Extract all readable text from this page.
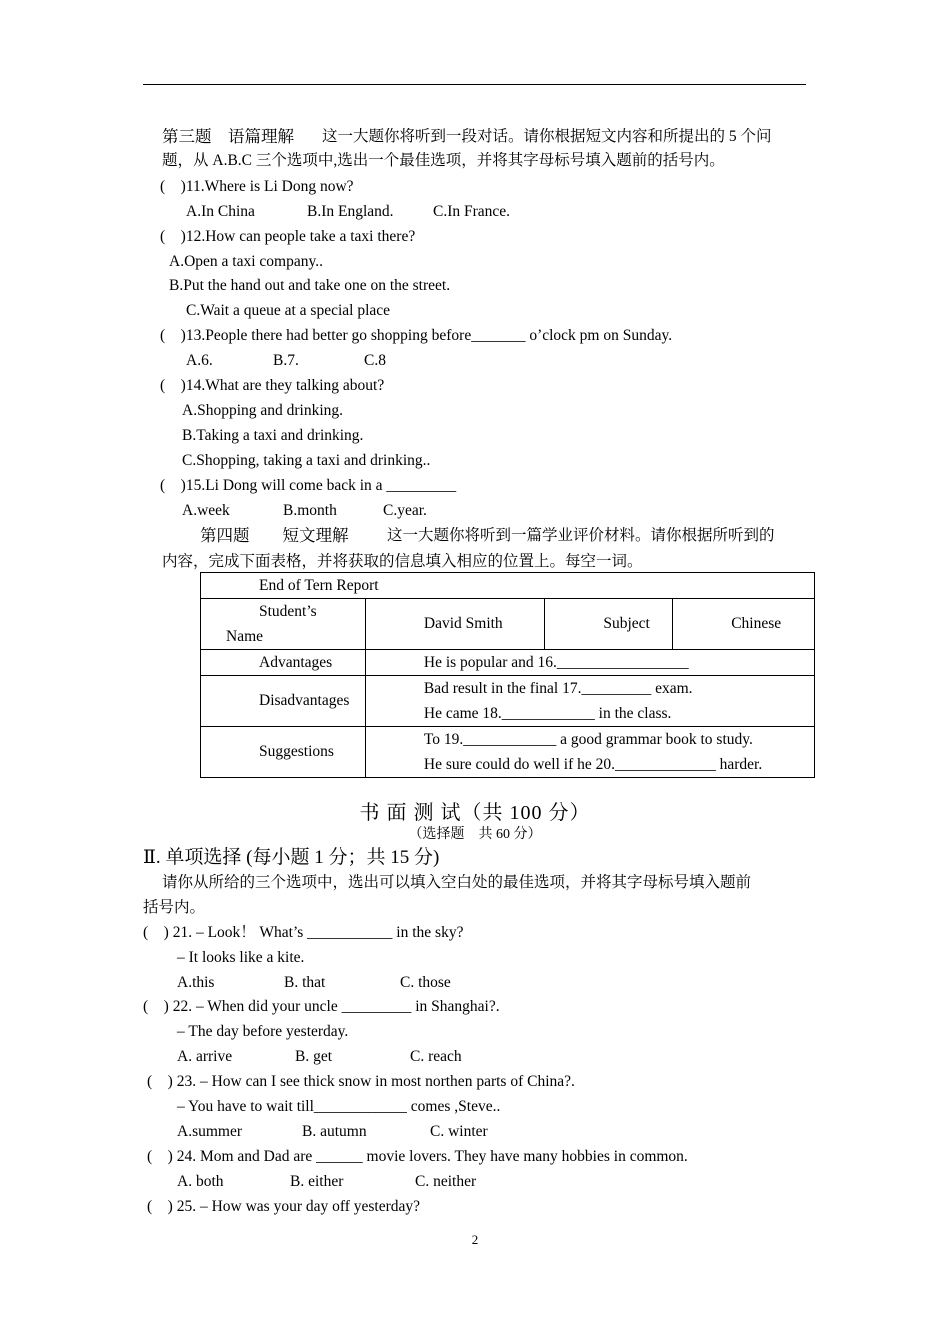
第三题　语篇理解 这一大题你将听到一段对话。请你根据短文内容和所提出的 5 个问
题，从 A.B.C 三个选项中,选出一个最佳选项，并将其字母标号填入题前的括号内。
(　)11.Where is Li Dong now?
A.In China	B.In England.	C.In France.
(　)12.How can people take a taxi there?
A.Open a taxi company..
B.Put the hand out and take one on the street.
C.Wait a queue at a special place
(　)13.People there had better go shopping before_______ o’clock pm on Sunday.
A.6.	B.7.	C.8
(　)14.What are they talking about?
A.Shopping and drinking.
B.Taking a taxi and drinking.
C.Shopping, taking a taxi and drinking..
(　)15.Li Dong will come back in a _________
A.week	B.month	C.year.
第四题　　短文理解 这一大题你将听到一篇学业评价材料。请你根据所听到的
内容，完成下面表格，并将获取的信息填入相应的位置上。每空一词。
End of Tern Report			

Student’s
Name	David Smith	Subject	Chinese
Advantages	He is popular and 16._________________		
Disadvantages	Bad result in the final 17._________ exam.
He came 18.____________ in the class.		

Suggestions	To 19.____________ a good grammar book to study.
He sure could do well if he 20._____________ harder.		
书 面 测 试（共 100 分）
（选择题　共 60 分）
Ⅱ. 单项选择 (每小题 1 分；共 15 分)
请你从所给的三个选项中，选出可以填入空白处的最佳选项，并将其字母标号填入题前
括号内。
(　) 21. – Look！ What’s ___________ in the sky?
– It looks like a kite.
A.this	B. that	C. those
(　) 22. – When did your uncle _________ in Shanghai?.
– The day before yesterday.
A. arrive	B. get	C. reach
(　) 23. – How can I see thick snow in most northen parts of China?.
– You have to wait till____________ comes ,Steve..
A.summer	B. autumn	C. winter
(　) 24. Mom and Dad are ______ movie lovers. They have many hobbies in common.
A. both	B. either	C. neither
(　) 25. – How was your day off yesterday?
2
